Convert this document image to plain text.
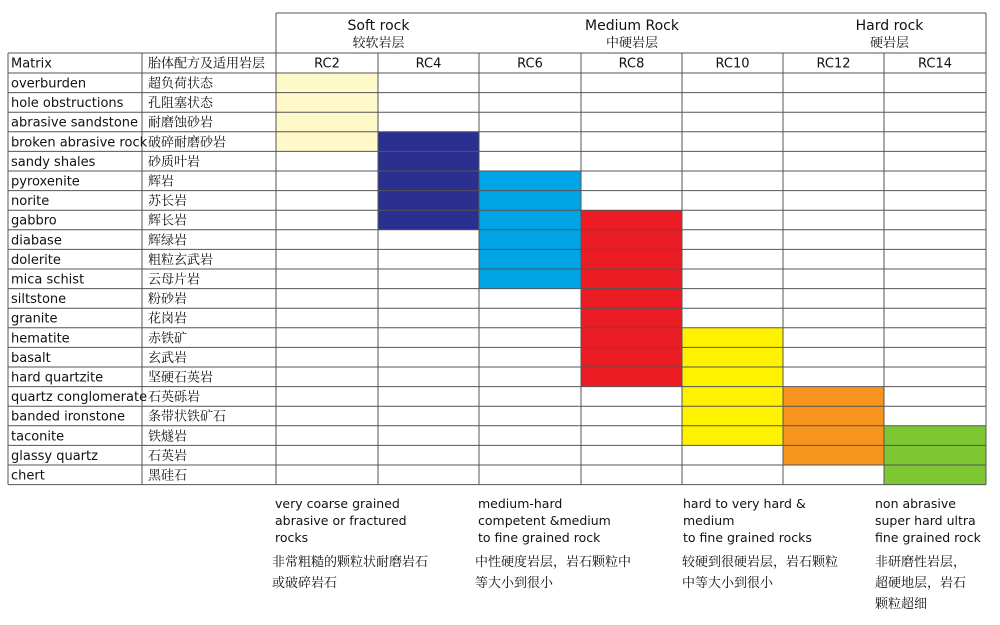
Soft rock
较软岩层
Medium Rock
中硬岩层
Hard rock
硬岩层
Matrix	胎体配方及适用岩层	RC2	RC4	RC6	RC8	RC10	RC12	RC14
overburden	超负荷状态
hole obstructions 孔阻塞状态
abrasive sandstone 耐磨蚀砂岩
broken abrasive rock 破碎耐磨砂岩
sandy shales	砂质叶岩
pyroxenite	辉岩
norite	苏长岩
gabbro	辉长岩
diabase	辉绿岩
dolerite	粗粒玄武岩
mica schist	云母片岩
siltstone	粉砂岩
granite	花岗岩
hematite	赤铁矿
basalt	玄武岩
hard quartzite	坚硬石英岩
quartz conglomerate 石英砾岩
banded ironstone 条带状铁矿石
taconite	铁燧岩
glassy quartz	石英岩
chert	黑硅石
very coarse grained
abrasive or fractured
rocks
非常粗糙的颗粒状耐磨岩石
或破碎岩石
medium-hard
competent &medium
to fine grained rock
中性硬度岩层，岩石颗粒中
等大小到很小
hard to very hard &
medium
to fine grained rocks
较硬到很硬岩层，岩石颗粒
中等大小到很小
non abrasive
super hard ultra
fine grained rock
非研磨性岩层，
超硬地层，岩石
颗粒超细
